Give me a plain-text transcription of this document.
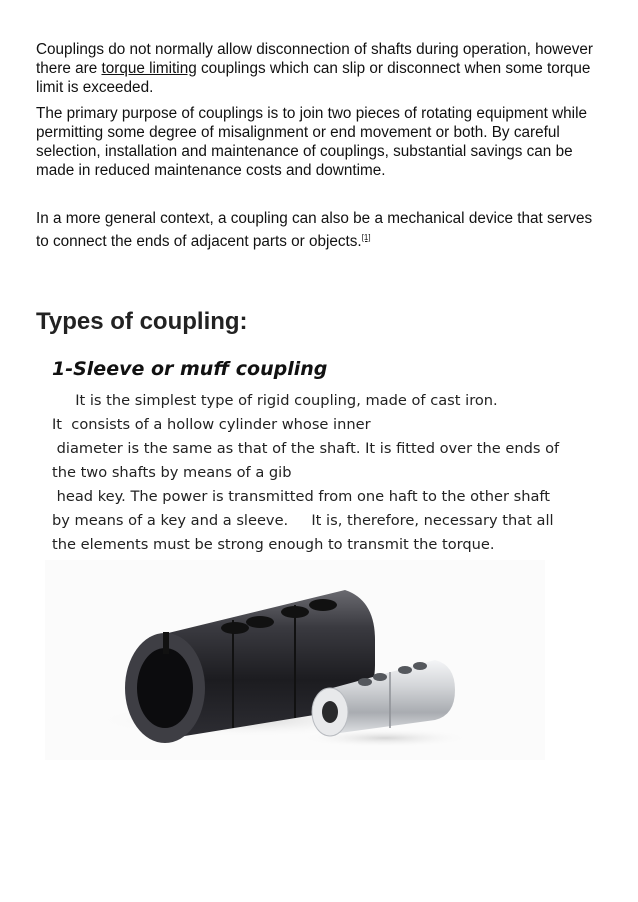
Couplings do not normally allow disconnection of shafts during operation, however there are torque limiting couplings which can slip or disconnect when some torque limit is exceeded.
The primary purpose of couplings is to join two pieces of rotating equipment while permitting some degree of misalignment or end movement or both. By careful selection, installation and maintenance of couplings, substantial savings can be made in reduced maintenance costs and downtime.
In a more general context, a coupling can also be a mechanical device that serves to connect the ends of adjacent parts or objects.[1]
Types of coupling:
1-Sleeve or muff coupling
It is the simplest type of rigid coupling, made of cast iron.
It  consists of a hollow cylinder whose inner
diameter is the same as that of the shaft. It is fitted over the ends of
the two shafts by means of a gib
head key. The power is transmitted from one haft to the other shaft
by means of a key and a sleeve.     It is, therefore, necessary that all
the elements must be strong enough to transmit the torque.
